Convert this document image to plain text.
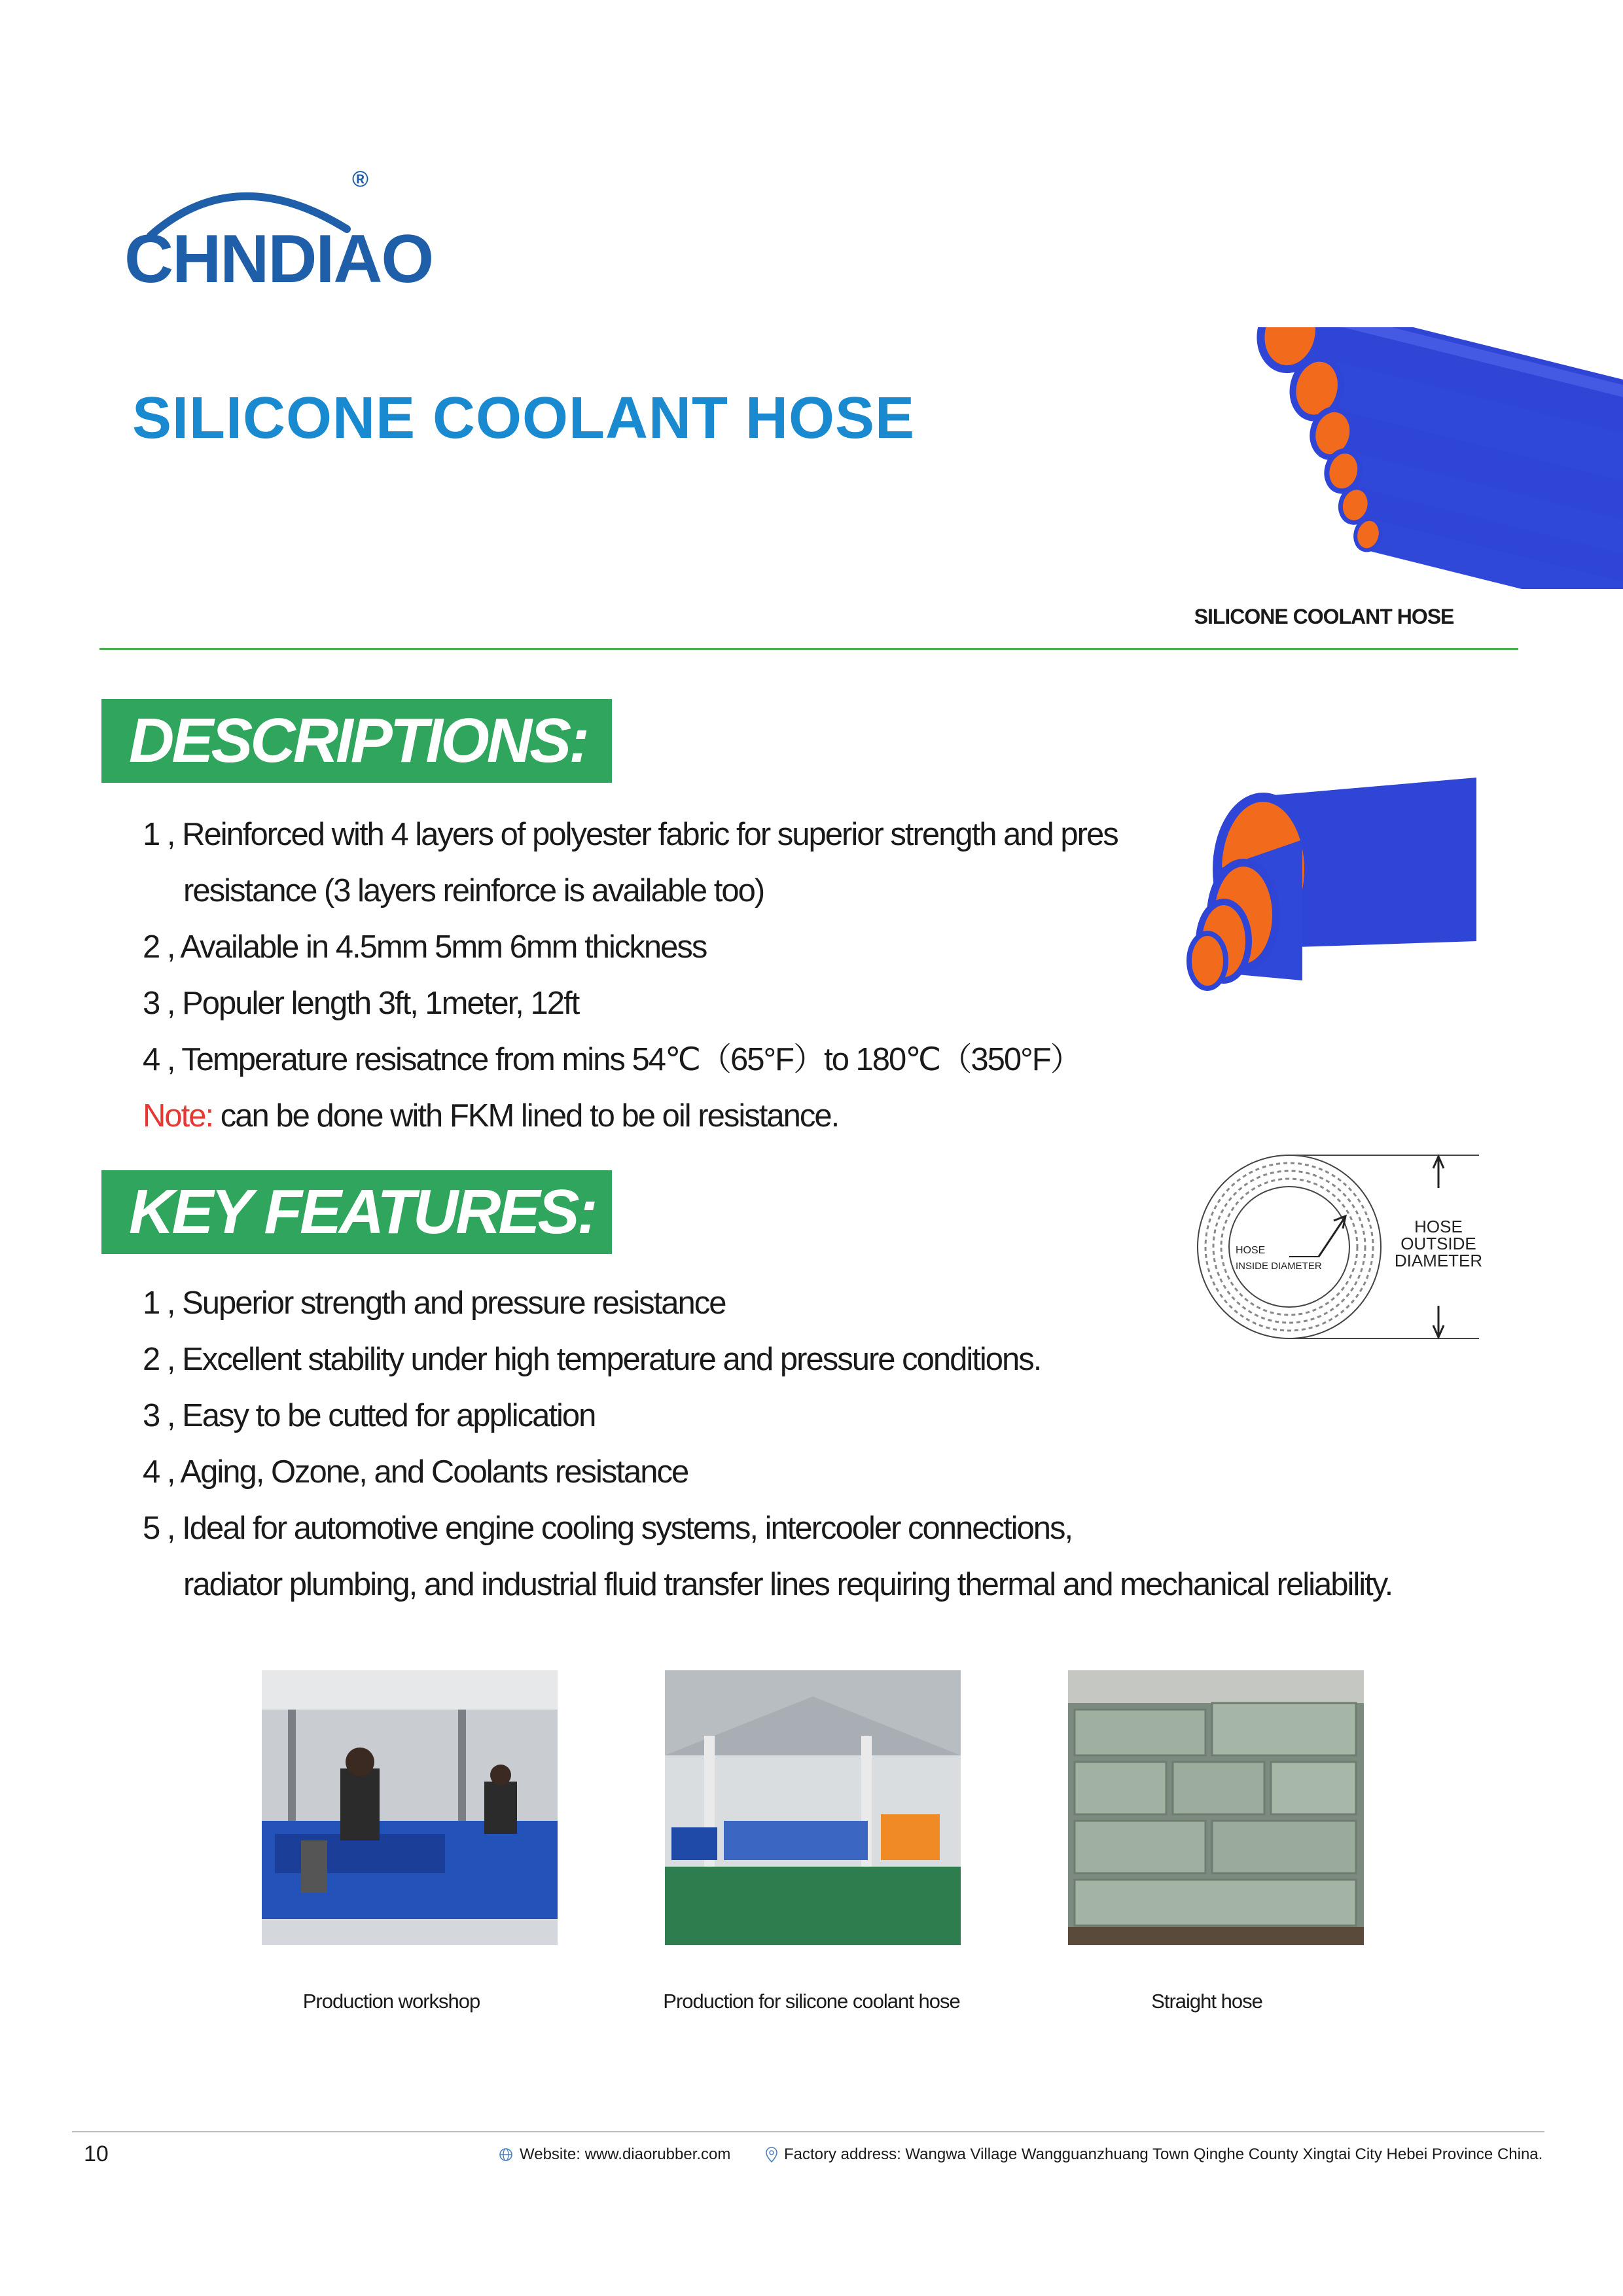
®
CHNDIAO
SILICONE COOLANT HOSE
SILICONE COOLANT HOSE
DESCRIPTIONS:
1 , Reinforced with 4 layers of polyester fabric for superior strength and pres
resistance (3 layers reinforce is available too)
2 , Available in 4.5mm 5mm 6mm thickness
3 , Populer length 3ft, 1meter, 12ft
4 , Temperature resisatnce from mins 54℃（65°F）to 180℃（350°F）
Note: can be done with FKM lined to be oil resistance.
KEY FEATURES:
1 , Superior strength and pressure resistance
2 , Excellent stability under high temperature and pressure conditions.
3 , Easy to be cutted for application
4 , Aging, Ozone, and Coolants resistance
5 , Ideal for automotive engine cooling systems, intercooler connections,
radiator plumbing, and industrial fluid transfer lines requiring thermal and mechanical reliability.
HOSE
INSIDE DIAMETER
HOSE
OUTSIDE
DIAMETER
Production workshop	Production for silicone coolant hose	Straight hose
10	Website: www.diaorubber.com	Factory address: Wangwa Village Wangguanzhuang Town Qinghe County Xingtai City Hebei Province China.
